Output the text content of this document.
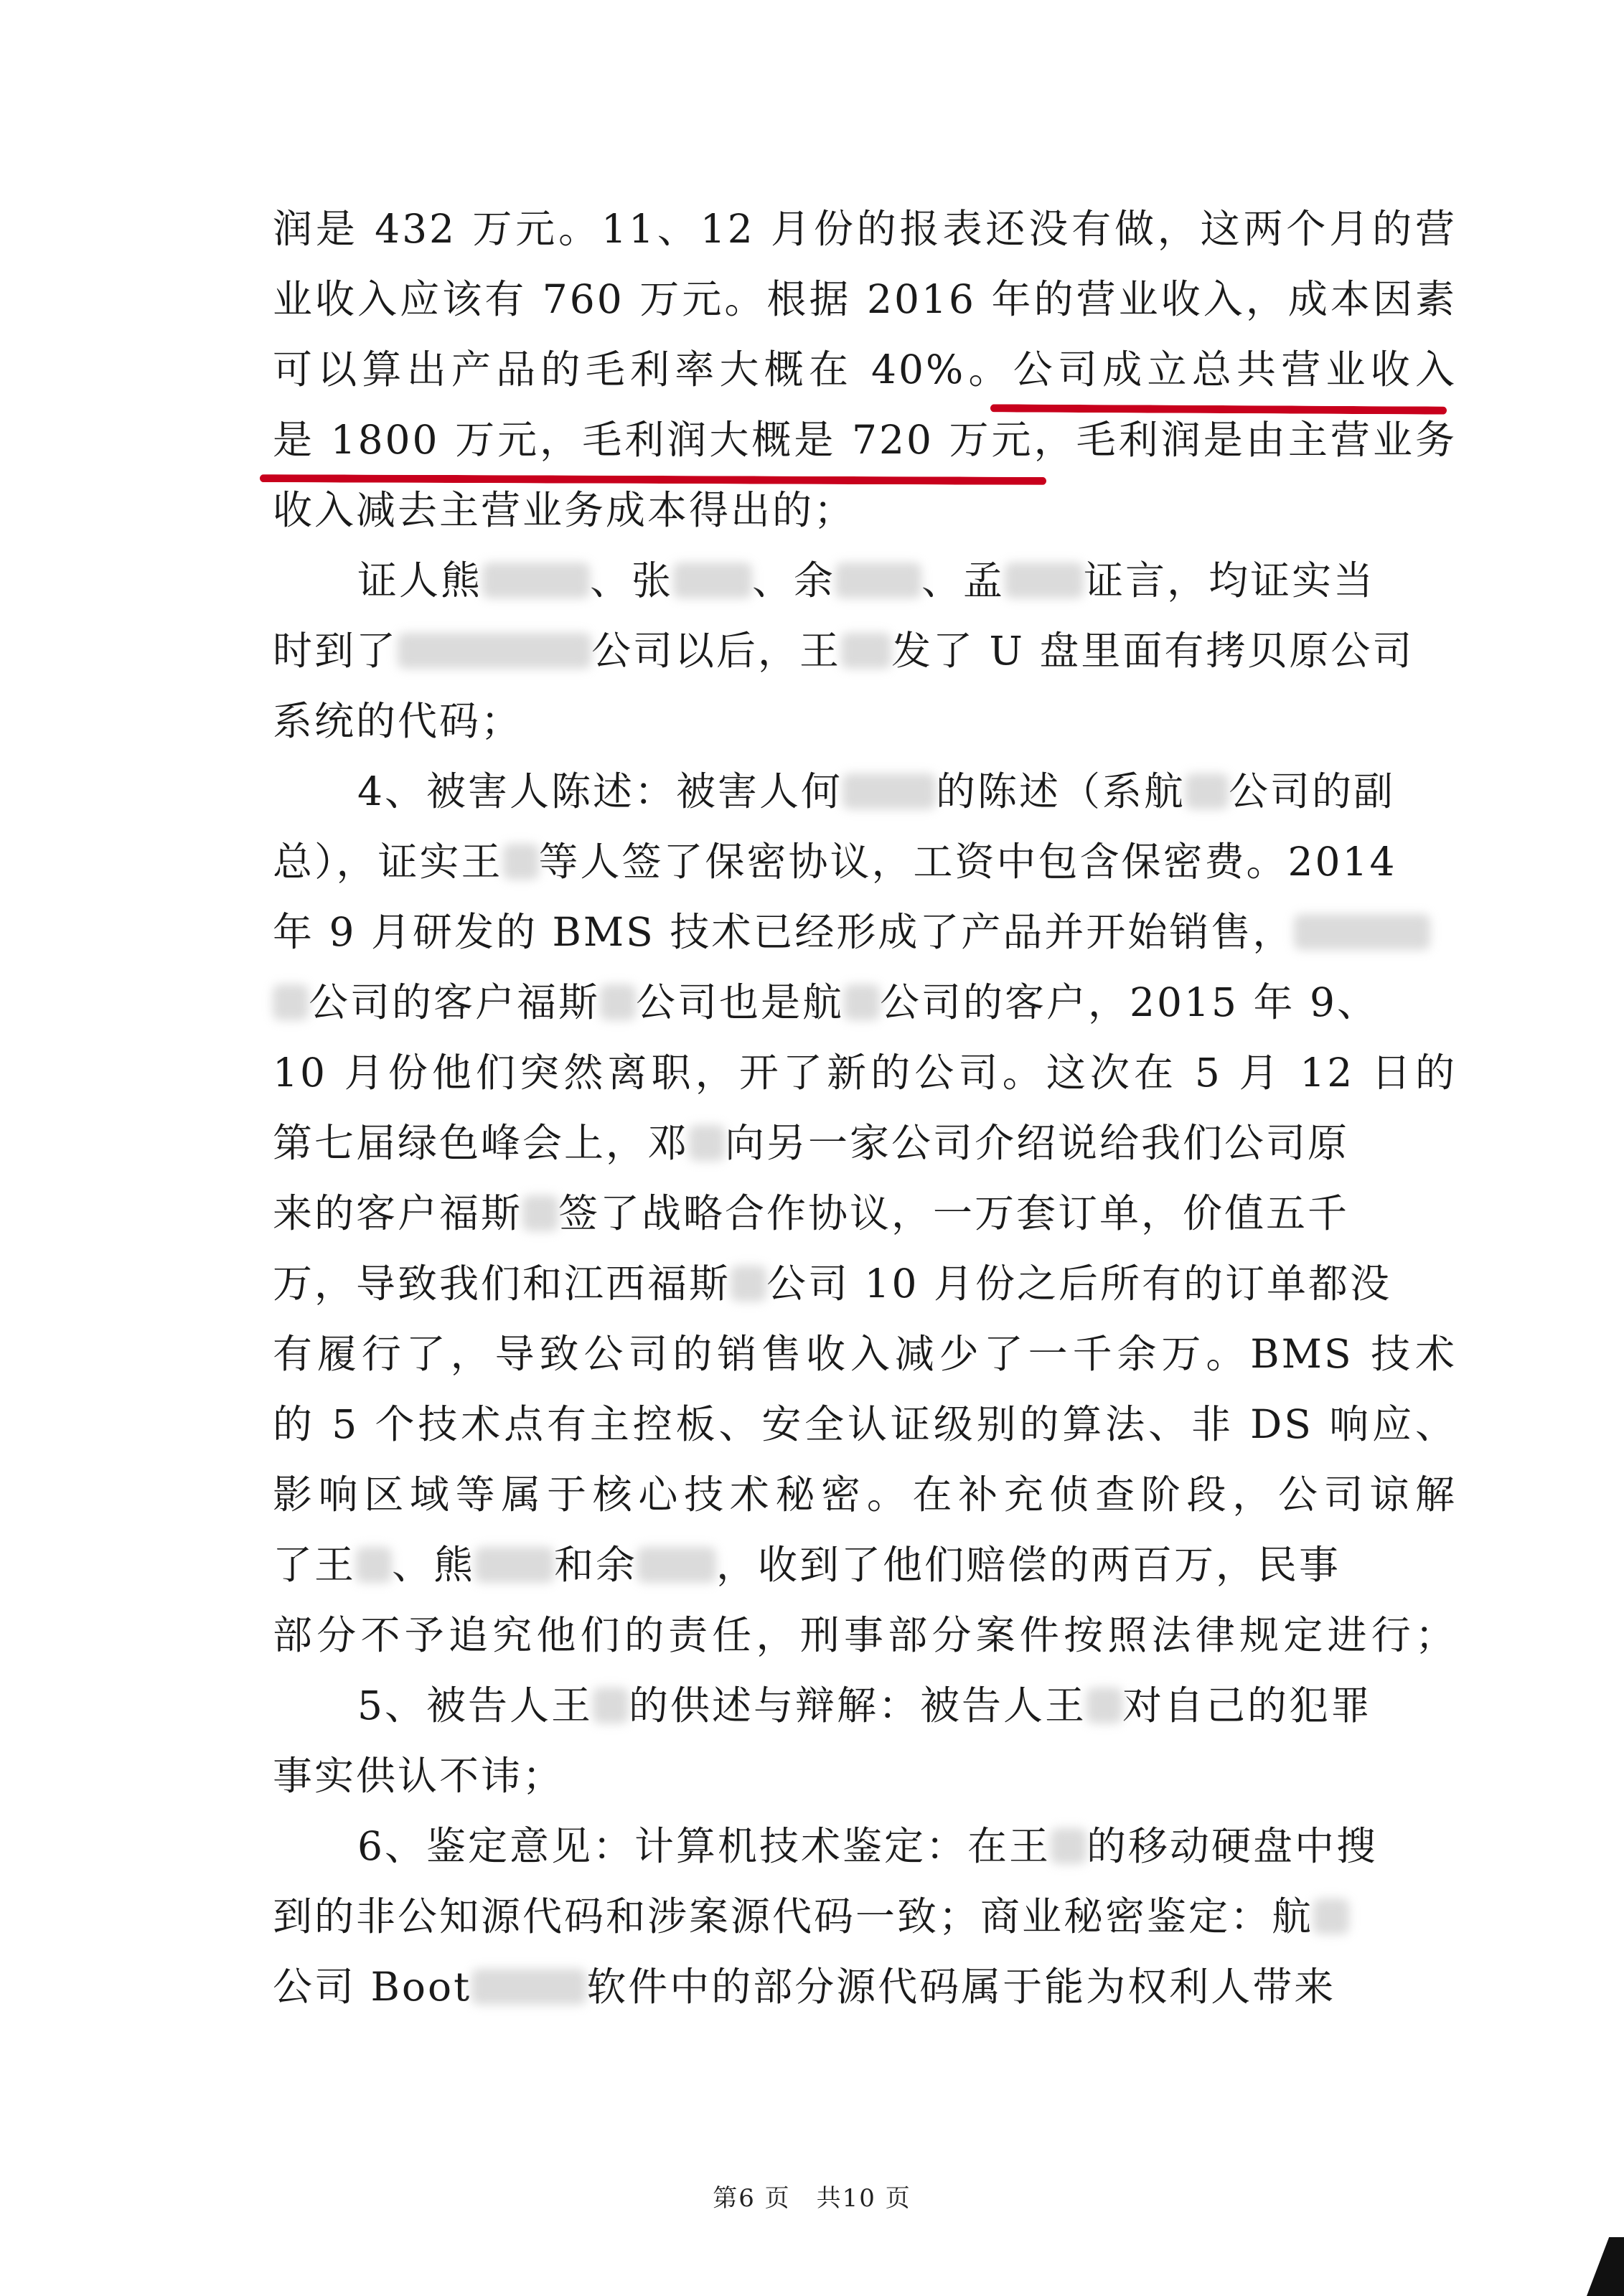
润是 432 万元。11、12 月份的报表还没有做，这两个月的营
业收入应该有 760 万元。根据 2016 年的营业收入，成本因素
可以算出产品的毛利率大概在 40%。公司成立总共营业收入
是 1800 万元，毛利润大概是 720 万元，毛利润是由主营业务
收入减去主营业务成本得出的；
证人熊	、张 、余 、孟 证言，均证实当
时到了	公司以后，王 发了 U 盘里面有拷贝原公司
系统的代码；
4、被害人陈述：被害人何 的陈述（系航 公司的副
总），证实王 等人签了保密协议，工资中包含保密费。2014
年 9 月研发的 BMS 技术已经形成了产品并开始销售，
公司的客户福斯 公司也是航 公司的客户，2015 年 9、
10 月份他们突然离职，开了新的公司。这次在 5 月 12 日的
第七届绿色峰会上，邓 向另一家公司介绍说给我们公司原
来的客户福斯 签了战略合作协议，一万套订单，价值五千
万，导致我们和江西福斯 公司 10 月份之后所有的订单都没
有履行了，导致公司的销售收入减少了一千余万。BMS 技术
的 5 个技术点有主控板、安全认证级别的算法、非 DS 响应、
影响区域等属于核心技术秘密。在补充侦查阶段，公司谅解
了王 、熊 和余 ，收到了他们赔偿的两百万，民事
部分不予追究他们的责任，刑事部分案件按照法律规定进行；
5、被告人王 的供述与辩解：被告人王 对自己的犯罪
事实供认不讳；
6、鉴定意见：计算机技术鉴定：在王 的移动硬盘中搜
到的非公知源代码和涉案源代码一致；商业秘密鉴定：航
公司 Boot	软件中的部分源代码属于能为权利人带来
第6 页　共10 页
